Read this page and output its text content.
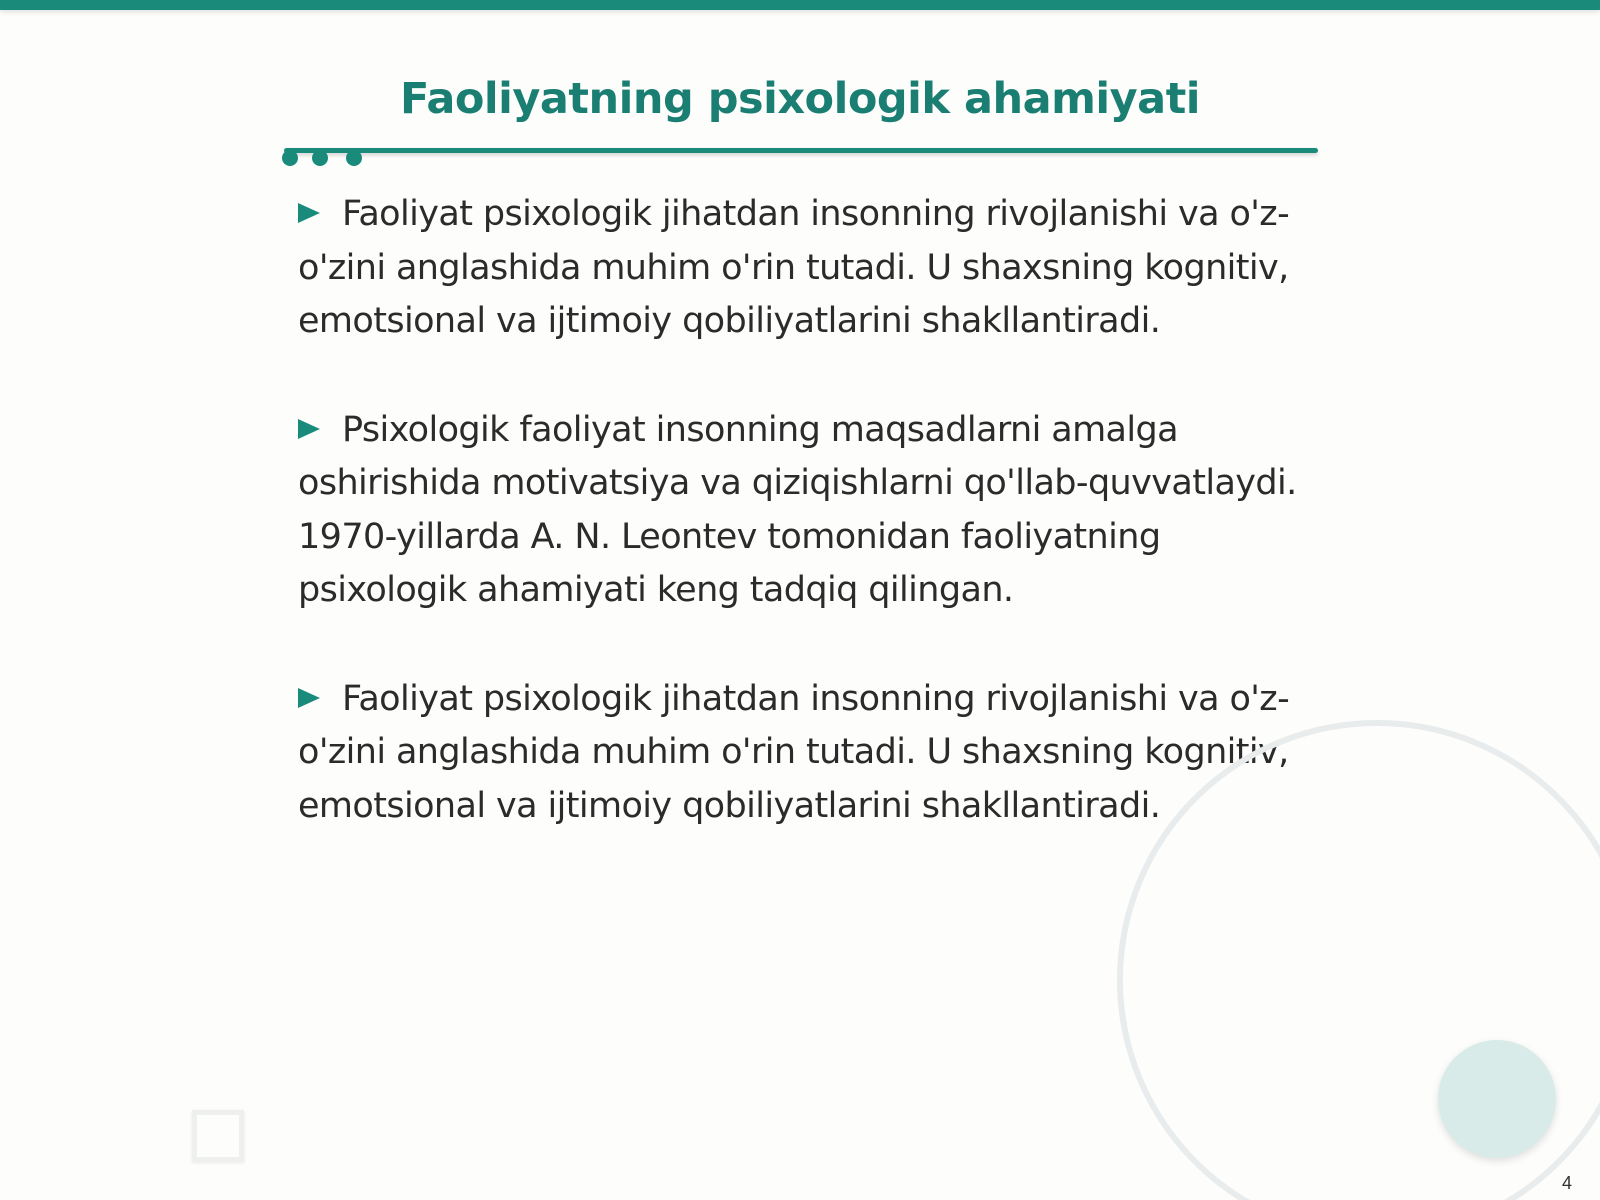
Faoliyatning psixologik ahamiyati
Faoliyat psixologik jihatdan insonning rivojlanishi va o'z-o'zini anglashida muhim o'rin tutadi. U shaxsning kognitiv, emotsional va ijtimoiy qobiliyatlarini shakllantiradi.
Psixologik faoliyat insonning maqsadlarni amalga oshirishida motivatsiya va qiziqishlarni qo'llab-quvvatlaydi. 1970-yillarda A. N. Leontev tomonidan faoliyatning psixologik ahamiyati keng tadqiq qilingan.
Faoliyat psixologik jihatdan insonning rivojlanishi va o'z-o'zini anglashida muhim o'rin tutadi. U shaxsning kognitiv, emotsional va ijtimoiy qobiliyatlarini shakllantiradi.
4
